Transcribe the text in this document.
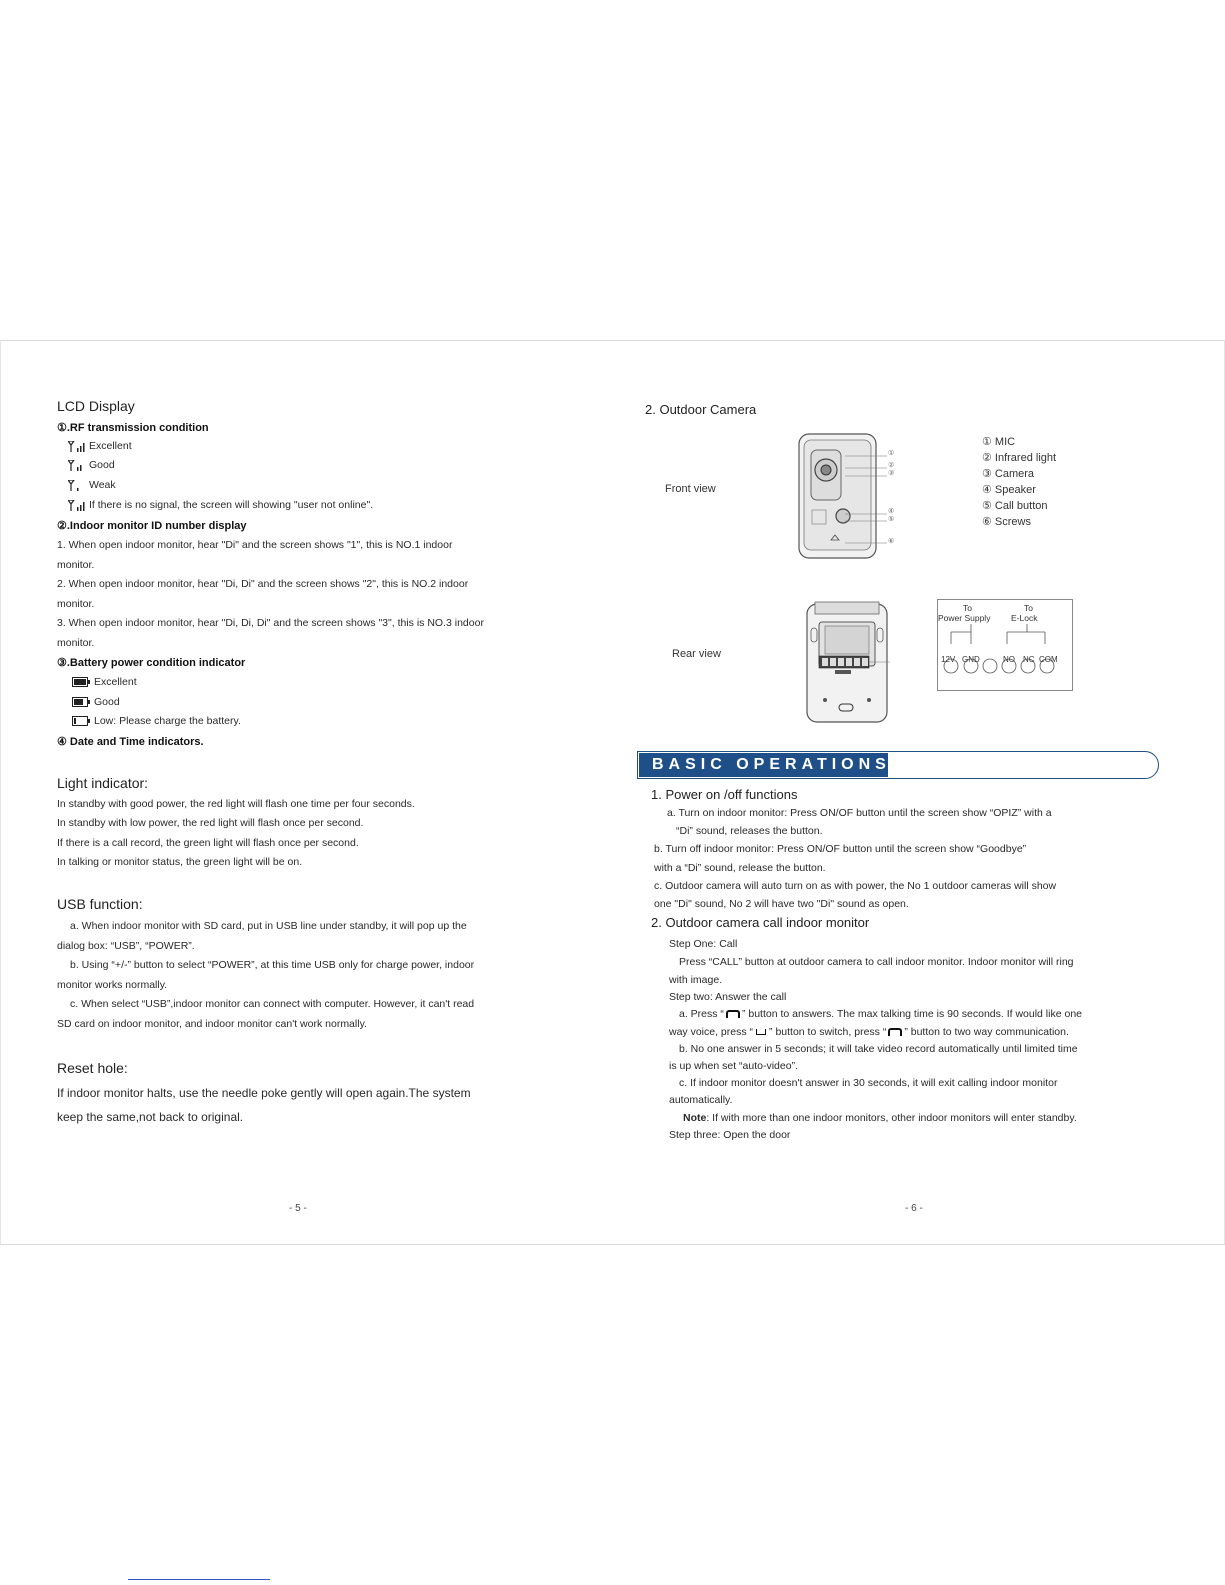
LCD Display
①.RF transmission condition
Excellent
Good
Weak
If there is no signal, the screen will showing "user not online".
②.Indoor monitor ID number display
1. When open indoor monitor, hear "Di" and the screen shows "1", this is NO.1 indoor
monitor.
2. When open indoor monitor, hear "Di, Di" and the screen shows "2", this is NO.2 indoor
monitor.
3. When open indoor monitor, hear "Di, Di, Di" and the screen shows "3", this is NO.3 indoor
monitor.
③.Battery power condition indicator
Excellent
Good
Low: Please charge the battery.
④ Date and Time indicators.
Light indicator:
In standby with good power, the red light will flash one time per four seconds.
In standby with low power, the red light will flash once per second.
If there is a call record, the green light will flash once per second.
In talking or monitor status, the green light will be on.
USB function:
a. When indoor monitor with SD card, put in USB line under standby, it will pop up the
dialog box: “USB”, “POWER”.
b. Using “+/-” button to select “POWER”, at this time USB only for charge power, indoor
monitor works normally.
c. When select “USB”,indoor monitor can connect with computer. However, it can't read
SD card on indoor monitor, and indoor monitor can't work normally.
Reset hole:
If indoor monitor halts, use the needle poke gently will open again.The system
keep the same,not back to original.
- 5 -
2. Outdoor Camera
Front view
Rear view
①
②
③
④
⑤
⑥
① MIC
② Infrared light
③ Camera
④ Speaker
⑤ Call button
⑥ Screws
To
Power Supply
To
E-Lock
12V GND	NO NC COM
BASIC OPERATIONS
1. Power on /off functions
a. Turn on indoor monitor: Press ON/OF button until the screen show “OPIZ” with a
“Di” sound, releases the button.
b. Turn off indoor monitor: Press ON/OF button until the screen show “Goodbye”
with a “Di” sound, release the button.
c. Outdoor camera will auto turn on as with power, the No 1 outdoor cameras will show
one "Di" sound, No 2 will have two "Di" sound as open.
2. Outdoor camera call indoor monitor
Step One: Call
Press “CALL” button at outdoor camera to call indoor monitor. Indoor monitor will ring
with image.
Step two: Answer the call
a. Press “ ” button to answers. The max talking time is 90 seconds. If would like one
way voice, press “ ” button to switch, press “ ” button to two way communication.
b. No one answer in 5 seconds; it will take video record automatically until limited time
is up when set “auto-video”.
c. If indoor monitor doesn't answer in 30 seconds, it will exit calling indoor monitor
automatically.
Note: If with more than one indoor monitors, other indoor monitors will enter standby.
Step three: Open the door
- 6 -
